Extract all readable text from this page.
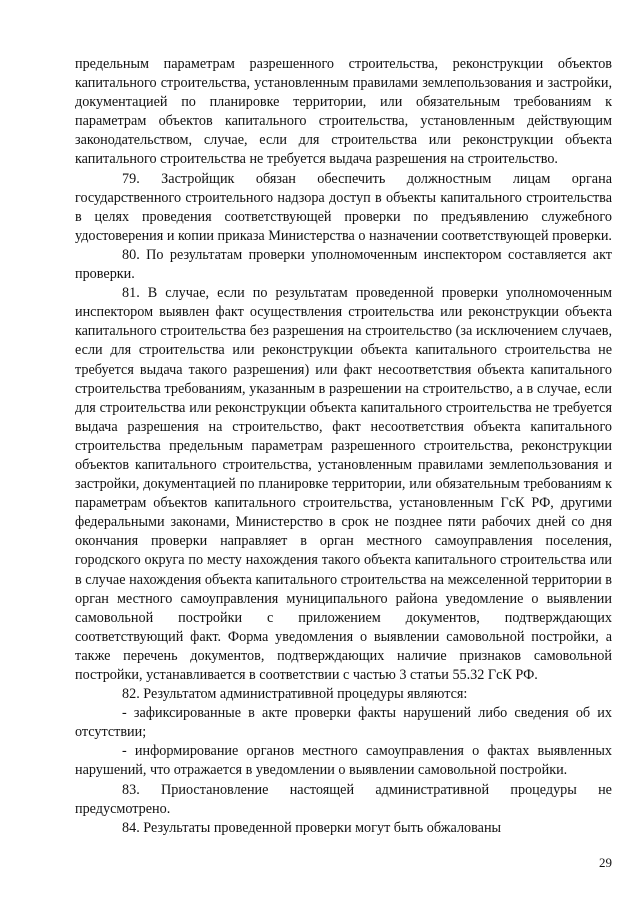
предельным параметрам разрешенного строительства, реконструкции объектов капитального строительства, установленным правилами землепользования и застройки, документацией по планировке территории, или обязательным требованиям к параметрам объектов капитального строительства, установленным действующим законодательством, случае, если для строительства или реконструкции объекта капитального строительства не требуется выдача разрешения на строительство.

79. Застройщик обязан обеспечить должностным лицам органа государственного строительного надзора доступ в объекты капитального строительства в целях проведения соответствующей проверки по предъявлению служебного удостоверения и копии приказа Министерства о назначении соответствующей проверки.

80. По результатам проверки уполномоченным инспектором составляется акт проверки.

81. В случае, если по результатам проведенной проверки уполномоченным инспектором выявлен факт осуществления строительства или реконструкции объекта капитального строительства без разрешения на строительство (за исключением случаев, если для строительства или реконструкции объекта капитального строительства не требуется выдача такого разрешения) или факт несоответствия объекта капитального строительства требованиям, указанным в разрешении на строительство, а в случае, если для строительства или реконструкции объекта капитального строительства не требуется выдача разрешения на строительство, факт несоответствия объекта капитального строительства предельным параметрам разрешенного строительства, реконструкции объектов капитального строительства, установленным правилами землепользования и застройки, документацией по планировке территории, или обязательным требованиям к параметрам объектов капитального строительства, установленным ГсК РФ, другими федеральными законами, Министерство в срок не позднее пяти рабочих дней со дня окончания проверки направляет в орган местного самоуправления поселения, городского округа по месту нахождения такого объекта капитального строительства или в случае нахождения объекта капитального строительства на межселенной территории в орган местного самоуправления муниципального района уведомление о выявлении самовольной постройки с приложением документов, подтверждающих соответствующий факт. Форма уведомления о выявлении самовольной постройки, а также перечень документов, подтверждающих наличие признаков самовольной постройки, устанавливается в соответствии с частью 3 статьи 55.32 ГсК РФ.

82. Результатом административной процедуры являются:

- зафиксированные в акте проверки факты нарушений либо сведения об их отсутствии;

- информирование органов местного самоуправления о фактах выявленных нарушений, что отражается в уведомлении о выявлении самовольной постройки.

83. Приостановление настоящей административной процедуры не предусмотрено.

84. Результаты проведенной проверки могут быть обжалованы

29
